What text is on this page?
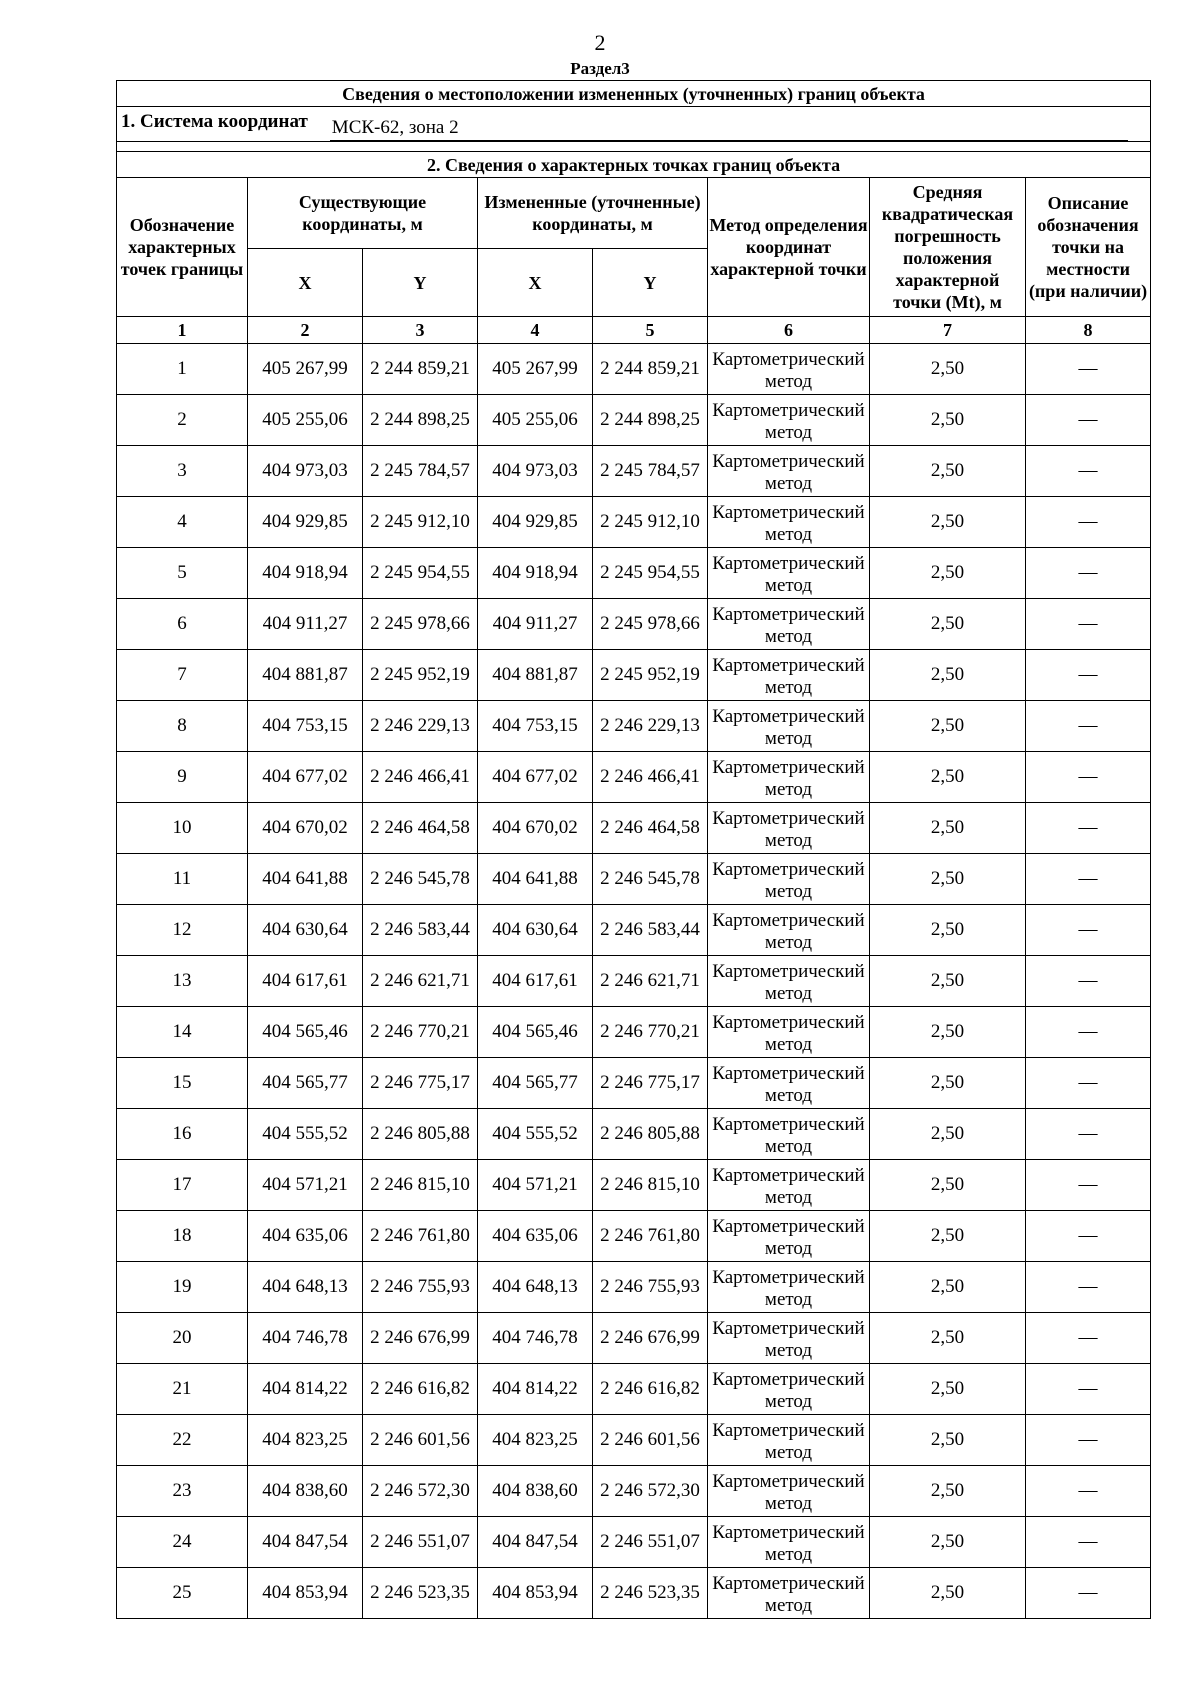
2
Раздел3
Сведения о местоположении измененных (уточненных) границ объекта							

1. Система координат МСК-62, зона 2							

2. Сведения о характерных точках границ объекта							
Обозначение характерных точек границы	Существующие координаты, м		Измененные (уточненные) координаты, м		Метод определения координат характерной точки	Средняя квадратическая погрешность положения характерной точки (Mt), м	Описание обозначения точки на местности (при наличии)
	X	Y	X	Y			
1	2	3	4	5	6	7	8
1	405 267,99	2 244 859,21	405 267,99	2 244 859,21	Картометрический метод	2,50	—
2	405 255,06	2 244 898,25	405 255,06	2 244 898,25	Картометрический метод	2,50	—
3	404 973,03	2 245 784,57	404 973,03	2 245 784,57	Картометрический метод	2,50	—
4	404 929,85	2 245 912,10	404 929,85	2 245 912,10	Картометрический метод	2,50	—
5	404 918,94	2 245 954,55	404 918,94	2 245 954,55	Картометрический метод	2,50	—
6	404 911,27	2 245 978,66	404 911,27	2 245 978,66	Картометрический метод	2,50	—
7	404 881,87	2 245 952,19	404 881,87	2 245 952,19	Картометрический метод	2,50	—
8	404 753,15	2 246 229,13	404 753,15	2 246 229,13	Картометрический метод	2,50	—
9	404 677,02	2 246 466,41	404 677,02	2 246 466,41	Картометрический метод	2,50	—
10	404 670,02	2 246 464,58	404 670,02	2 246 464,58	Картометрический метод	2,50	—
11	404 641,88	2 246 545,78	404 641,88	2 246 545,78	Картометрический метод	2,50	—
12	404 630,64	2 246 583,44	404 630,64	2 246 583,44	Картометрический метод	2,50	—
13	404 617,61	2 246 621,71	404 617,61	2 246 621,71	Картометрический метод	2,50	—
14	404 565,46	2 246 770,21	404 565,46	2 246 770,21	Картометрический метод	2,50	—
15	404 565,77	2 246 775,17	404 565,77	2 246 775,17	Картометрический метод	2,50	—
16	404 555,52	2 246 805,88	404 555,52	2 246 805,88	Картометрический метод	2,50	—
17	404 571,21	2 246 815,10	404 571,21	2 246 815,10	Картометрический метод	2,50	—
18	404 635,06	2 246 761,80	404 635,06	2 246 761,80	Картометрический метод	2,50	—
19	404 648,13	2 246 755,93	404 648,13	2 246 755,93	Картометрический метод	2,50	—
20	404 746,78	2 246 676,99	404 746,78	2 246 676,99	Картометрический метод	2,50	—
21	404 814,22	2 246 616,82	404 814,22	2 246 616,82	Картометрический метод	2,50	—
22	404 823,25	2 246 601,56	404 823,25	2 246 601,56	Картометрический метод	2,50	—
23	404 838,60	2 246 572,30	404 838,60	2 246 572,30	Картометрический метод	2,50	—
24	404 847,54	2 246 551,07	404 847,54	2 246 551,07	Картометрический метод	2,50	—
25	404 853,94	2 246 523,35	404 853,94	2 246 523,35	Картометрический метод	2,50	—
